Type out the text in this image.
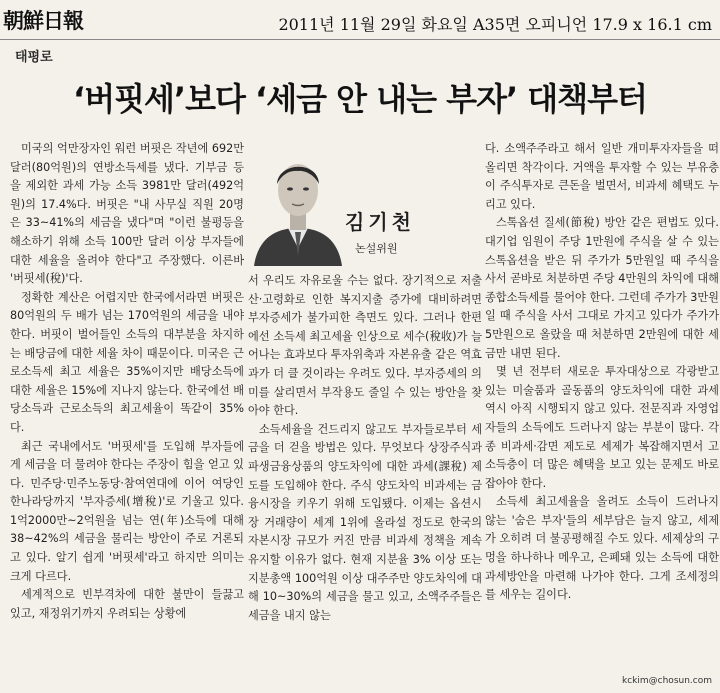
朝鮮日報	2011년 11월 29일 화요일 A35면 오피니언 17.9 x 16.1 cm
태평로
‘버핏세’보다 ‘세금 안 내는 부자’ 대책부터

미국의 억만장자인 워런 버핏은 작년에 692만달러(80억원)의 연방소득세를 냈다. 기부금 등을 제외한 과세 가능 소득 3981만 달러(492억원)의 17.4%다. 버핏은 "내 사무실 직원 20명은 33~41%의 세금을 냈다"며 "이런 불평등을 해소하기 위해 소득 100만 달러 이상 부자들에 대한 세율을 올려야 한다"고 주장했다. 이른바 '버핏세(稅)'다.

정확한 계산은 어렵지만 한국에서라면 버핏은 80억원의 두 배가 넘는 170억원의 세금을 내야 한다. 버핏이 벌어들인 소득의 대부분을 차지하는 배당금에 대한 세율 차이 때문이다. 미국은 근로소득세 최고 세율은 35%이지만 배당소득에 대한 세율은 15%에 지나지 않는다. 한국에선 배당소득과 근로소득의 최고세율이 똑같이 35%다.

최근 국내에서도 '버핏세'를 도입해 부자들에게 세금을 더 물려야 한다는 주장이 힘을 얻고 있다. 민주당·민주노동당·참여연대에 이어 여당인 한나라당까지 '부자증세(增稅)'로 기울고 있다. 1억2000만~2억원을 넘는 연(年)소득에 대해 38~42%의 세금을 물리는 방안이 주로 거론되고 있다. 알기 쉽게 '버핏세'라고 하지만 의미는 크게 다르다.

세계적으로 빈부격차에 대한 불만이 들끓고 있고, 재정위기까지 우려되는 상황에

김기천
논설위원

서 우리도 자유로울 수는 없다. 장기적으로 저출산·고령화로 인한 복지지출 증가에 대비하려면 부자증세가 불가피한 측면도 있다. 그러나 한편에선 소득세 최고세율 인상으로 세수(稅收)가 늘어나는 효과보다 투자위축과 자본유출 같은 역효과가 더 클 것이라는 우려도 있다. 부자증세의 의미를 살리면서 부작용도 줄일 수 있는 방안을 찾아야 한다.

소득세율을 건드리지 않고도 부자들로부터 세금을 더 걷을 방법은 있다. 무엇보다 상장주식과 파생금융상품의 양도차익에 대한 과세(課稅) 제도를 도입해야 한다. 주식 양도차익 비과세는 금융시장을 키우기 위해 도입됐다. 이제는 옵션시장 거래량이 세계 1위에 올라설 정도로 한국의 자본시장 규모가 커진 만큼 비과세 정책을 계속 유지할 이유가 없다. 현재 지분율 3% 이상 또는 지분총액 100억원 이상 대주주만 양도차익에 대해 10~30%의 세금을 물고 있고, 소액주주들은 세금을 내지 않는

다. 소액주주라고 해서 일반 개미투자자들을 떠올리면 착각이다. 거액을 투자할 수 있는 부유층이 주식투자로 큰돈을 벌면서, 비과세 혜택도 누리고 있다.

스톡옵션 질세(節稅) 방안 같은 편법도 있다. 대기업 임원이 주당 1만원에 주식을 살 수 있는 스톡옵션을 받은 뒤 주가가 5만원일 때 주식을 사서 곧바로 처분하면 주당 4만원의 차익에 대해 종합소득세를 물어야 한다. 그런데 주가가 3만원일 때 주식을 사서 그대로 가지고 있다가 주가가 5만원으로 올랐을 때 처분하면 2만원에 대한 세금만 내면 된다.

몇 년 전부터 새로운 투자대상으로 각광받고 있는 미술품과 골동품의 양도차익에 대한 과세 역시 아직 시행되지 않고 있다. 전문직과 자영업자들의 소득에도 드러나지 않는 부분이 많다. 각종 비과세·감면 제도로 세제가 복잡해지면서 고소득층이 더 많은 혜택을 보고 있는 문제도 바로잡아야 한다.

소득세 최고세율을 올려도 소득이 드러나지 않는 '숨은 부자'들의 세부담은 늘지 않고, 세제가 오히려 더 불공평해질 수도 있다. 세제상의 구멍을 하나하나 메우고, 은폐돼 있는 소득에 대한 과세방안을 마련해 나가야 한다. 그게 조세정의를 세우는 길이다.

kckim@chosun.com
